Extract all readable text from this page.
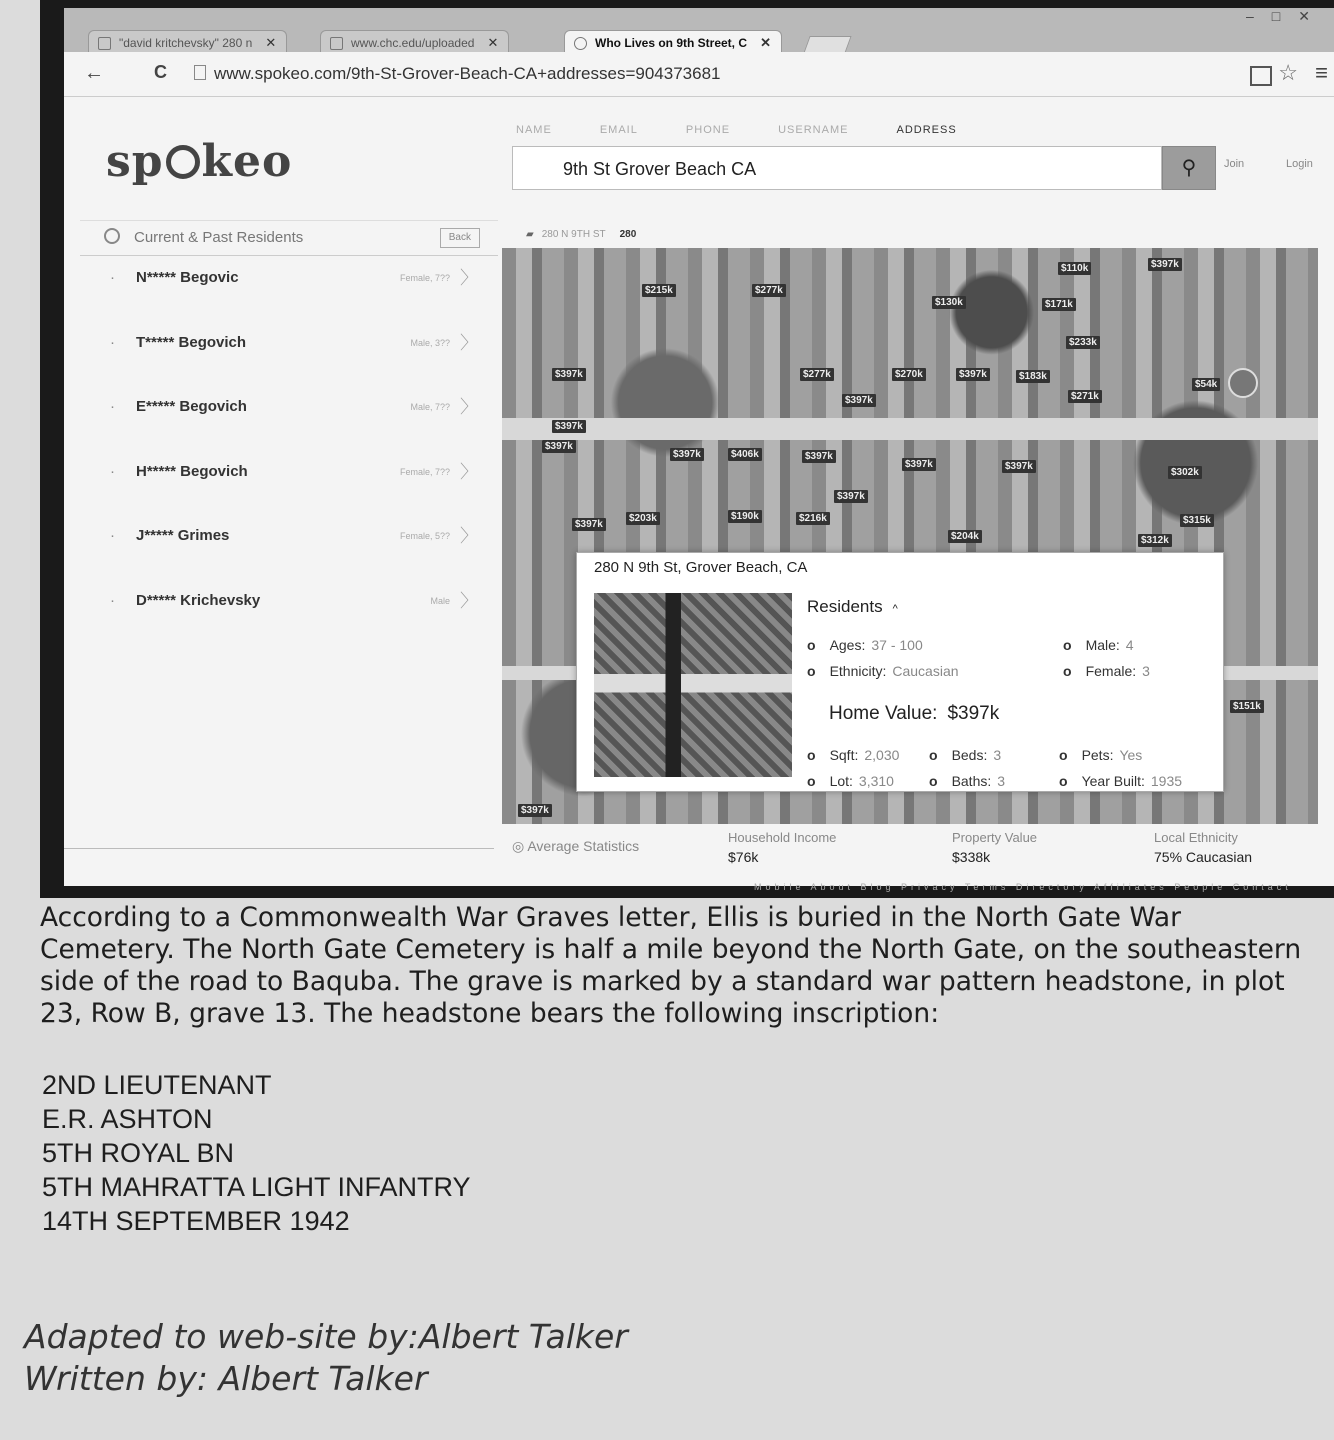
"david kritchevsky" 280 n ✕	www.chc.edu/uploaded ✕	Who Lives on 9th Street, C ✕
–□✕
←	C	www.spokeo.com/9th-St-Grover-Beach-CA+addresses=904373681	☆ ≡
sp keo
NAME	EMAIL	PHONE	USERNAME	ADDRESS
9th St Grover Beach CA	⚲	Join	Login
Current & Past Residents	Back
· N***** Begovic	Female, 7?? 〉
· T***** Begovich	Male, 3?? 〉
· E***** Begovich	Male, 7?? 〉
· H***** Begovich	Female, 7?? 〉
· J***** Grimes	Female, 5?? 〉
· D***** Krichevsky	Male 〉
▰ 280 N 9TH ST 280
$110k	$397k
$215k	$277k
$130k	$171k
$233k
$397k	$277k	$270k	$397k	$183k
$397k	$271k
$54k
$397k
$397k
$397k	$406k	$397k
$397k	$397k
$302k
$397k
$397k
$203k	$190k	$216k
$204k
$315k
$312k
$151k
$397k
280 N 9th St, Grover Beach, CA
Residents ^
o Ages: 37 - 100
o Ethnicity: Caucasian
o Male: 4
o Female: 3
Home Value: $397k
o Sqft: 2,030	o Beds: 3	o Pets: Yes
o Lot: 3,310	o Baths: 3	o Year Built: 1935
◎ Average Statistics
Household Income
$76k
Property Value
$338k
Local Ethnicity
75% Caucasian
Mobile About Blog Privacy Terms Directory Affiliates People Contact
According to a Commonwealth War Graves letter, Ellis is buried in the North Gate War Cemetery. The North Gate Cemetery is half a mile beyond the North Gate, on the southeastern side of the road to Baquba. The grave is marked by a standard war pattern headstone, in plot 23, Row B, grave 13. The headstone bears the following inscription:
2ND LIEUTENANT
E.R. ASHTON
5TH ROYAL BN
5TH MAHRATTA LIGHT INFANTRY
14TH SEPTEMBER 1942
Adapted to web-site by:Albert Talker
Written by: Albert Talker
